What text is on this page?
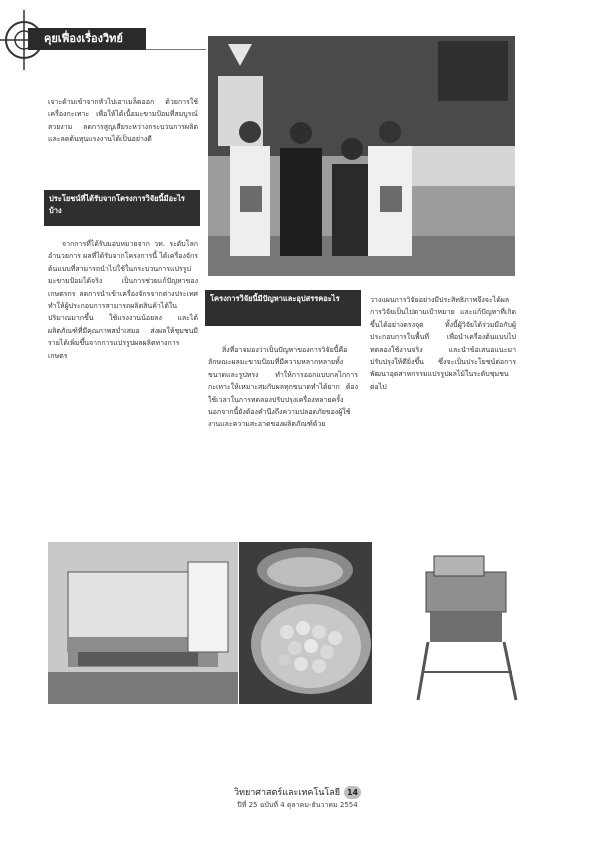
คุยเฟื่องเรื่องวิทย์
เจาะด้ามเข้าจากหัวไปเอาเมล็ดออก ด้วยการใช้เครื่องกะเทาะ เพื่อให้ได้เนื้อมะขามป้อมที่สมบูรณ์ สวยงาม ลดการสูญเสียระหว่างกระบวนการผลิต และลดต้นทุนแรงงานได้เป็นอย่างดี
ประโยชน์ที่ได้รับจากโครงการวิจัยนี้มีอะไรบ้าง
จากการที่ได้รับมอบหมายจาก วท. ระดับโลกอำนวยการ ผลที่ได้รับจากโครงการนี้ ได้เครื่องจักรต้นแบบที่สามารถนำไปใช้ในกระบวนการแปรรูปมะขามป้อมได้จริง เป็นการช่วยแก้ปัญหาของเกษตรกร ลดการนำเข้าเครื่องจักรจากต่างประเทศ ทำให้ผู้ประกอบการสามารถผลิตสินค้าได้ในปริมาณมากขึ้น ใช้แรงงานน้อยลง และได้ผลิตภัณฑ์ที่มีคุณภาพสม่ำเสมอ ส่งผลให้ชุมชนมีรายได้เพิ่มขึ้นจากการแปรรูปผลผลิตทางการเกษตร
โครงการวิจัยนี้มีปัญหาและอุปสรรคอะไร
สิ่งที่อาจมองว่าเป็นปัญหาของการวิจัยนี้คือ ลักษณะผลมะขามป้อมที่มีความหลากหลายทั้งขนาดและรูปทรง ทำให้การออกแบบกลไกการกะเทาะให้เหมาะสมกับผลทุกขนาดทำได้ยาก ต้องใช้เวลาในการทดลองปรับปรุงเครื่องหลายครั้ง นอกจากนี้ยังต้องคำนึงถึงความปลอดภัยของผู้ใช้งานและความสะอาดของผลิตภัณฑ์ด้วย
วางแผนการวิจัยอย่างมีประสิทธิภาพจึงจะได้ผลการวิจัยเป็นไปตามเป้าหมาย และแก้ปัญหาที่เกิดขึ้นได้อย่างตรงจุด ทั้งนี้ผู้วิจัยได้ร่วมมือกับผู้ประกอบการในพื้นที่ เพื่อนำเครื่องต้นแบบไปทดลองใช้งานจริง และนำข้อเสนอแนะมาปรับปรุงให้ดียิ่งขึ้น ซึ่งจะเป็นประโยชน์ต่อการพัฒนาอุตสาหกรรมแปรรูปผลไม้ในระดับชุมชนต่อไป
วิทยาศาสตร์และเทคโนโลยี 14
ปีที่ 25 ฉบับที่ 4 ตุลาคม-ธันวาคม 2554
